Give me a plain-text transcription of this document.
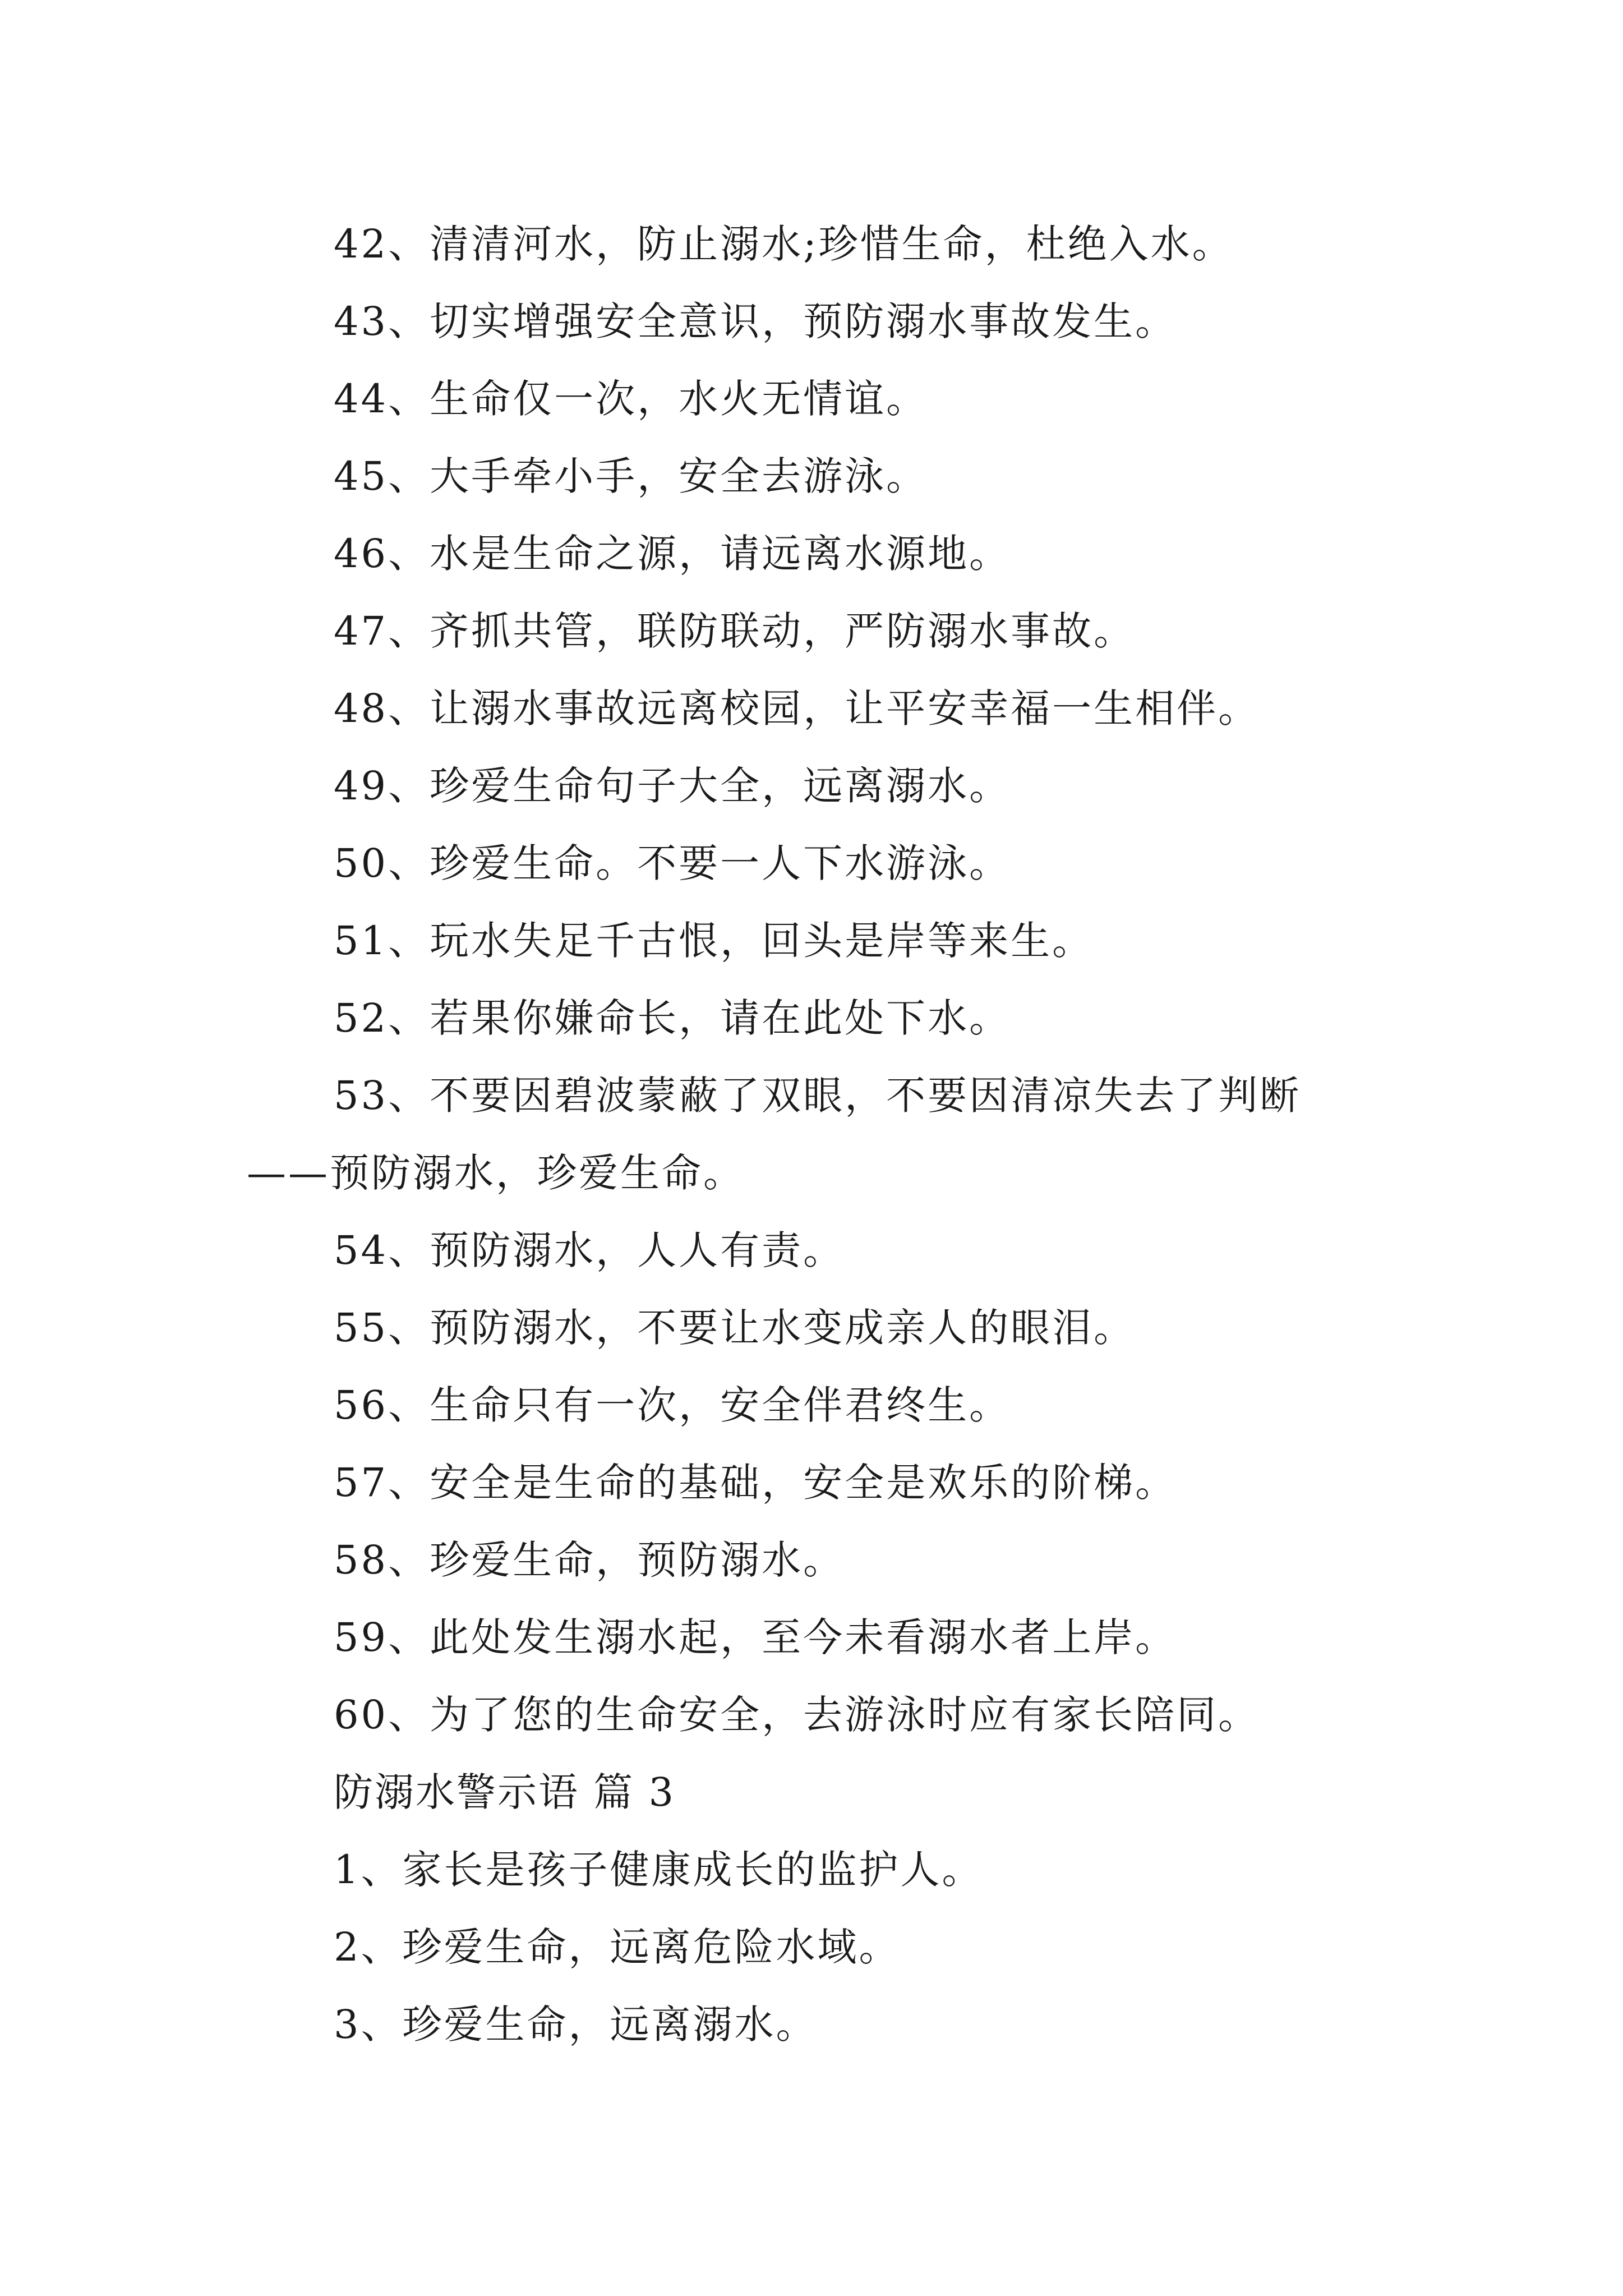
42、清清河水，防止溺水;珍惜生命，杜绝入水。
43、切实增强安全意识，预防溺水事故发生。
44、生命仅一次，水火无情谊。
45、大手牵小手，安全去游泳。
46、水是生命之源，请远离水源地。
47、齐抓共管，联防联动，严防溺水事故。
48、让溺水事故远离校园，让平安幸福一生相伴。
49、珍爱生命句子大全，远离溺水。
50、珍爱生命。不要一人下水游泳。
51、玩水失足千古恨，回头是岸等来生。
52、若果你嫌命长，请在此处下水。
53、不要因碧波蒙蔽了双眼，不要因清凉失去了判断
——预防溺水，珍爱生命。
54、预防溺水，人人有责。
55、预防溺水，不要让水变成亲人的眼泪。
56、生命只有一次，安全伴君终生。
57、安全是生命的基础，安全是欢乐的阶梯。
58、珍爱生命，预防溺水。
59、此处发生溺水起，至今未看溺水者上岸。
60、为了您的生命安全，去游泳时应有家长陪同。
防溺水警示语 篇 3
1、家长是孩子健康成长的监护人。
2、珍爱生命，远离危险水域。
3、珍爱生命，远离溺水。
